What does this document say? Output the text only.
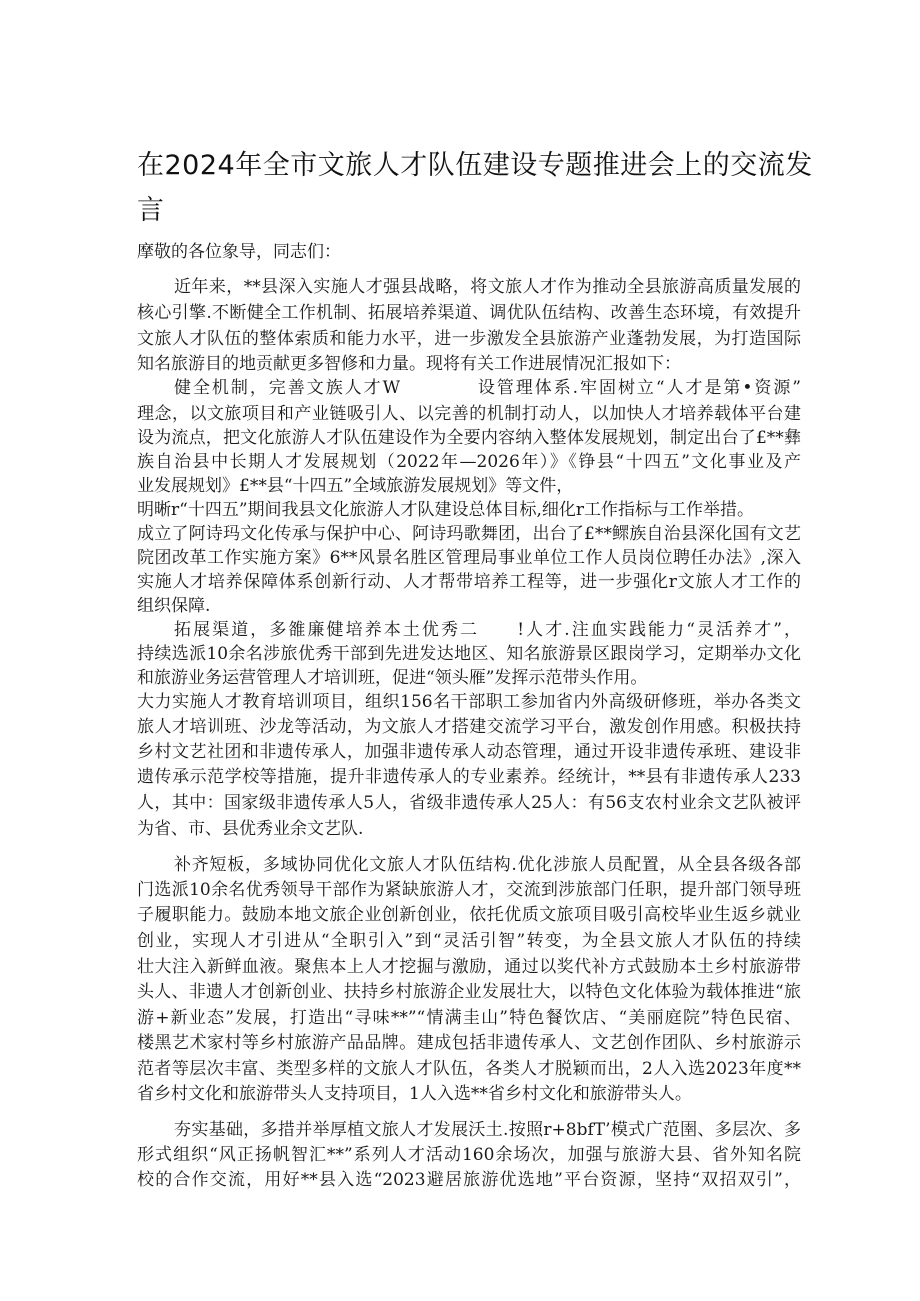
在2024年全市文旅人才队伍建设专题推进会上的交流发
言
摩敬的各位象导，同志们：
近年来，**县深入实施人才强县战略，将文旅人才作为推动全县旅游高质量发展的
核心引擎.不断健全工作机制、拓展培养渠道、调优队伍结构、改善生态环境，有效提升
文旅人才队伍的整体索质和能力水平，进一步激发全县旅游产业蓬勃发展，为打造国际
知名旅游目的地贡献更多智修和力量。现将有关工作进展情况汇报如下：
健全机制，完善文族人才W　　　　设管理体系.牢固树立“人才是第•资源”
理念，以文旅项目和产业链吸引人、以完善的机制打动人，以加快人才培养载体平台建
设为流点，把文化旅游人才队伍建设作为全要内容纳入整体发展规划，制定出台了£**彝
族自治县中长期人才发展规划（2022年—2026年）》《铮县“十四五”文化事业及产
业发展规划》£**县“十四五”全域旅游发展规划》等文件，
明晰r“十四五”期间我县文化旅游人才队建设总体目标,细化r工作指标与工作举措。
成立了阿诗玛文化传承与保护中心、阿诗玛歌舞团，出台了£**鳏族自治县深化国有文艺
院团改革工作实施方案》6**风景名胜区管理局事业单位工作人员岗位聘任办法》,深入
实施人才培养保障体系创新行动、人才帮带培养工程等，进一步强化r文旅人才工作的
组织保障.
拓展渠道，多雒廉健培养本土优秀二　　!人才.注血实践能力“灵活养才”，
持续选派10余名涉旅优秀干部到先进发达地区、知名旅游景区跟岗学习，定期举办文化
和旅游业务运营管理人才培训班，促进“领头雁”发挥示范带头作用。
大力实施人才教育培训项目，组织156名干部职工参加省内外高级研修班，举办各类文
旅人才培训班、沙龙等活动，为文旅人才搭建交流学习平台，激发创作用感。积极扶持
乡村文艺社团和非遗传承人，加强非遗传承人动态管理，通过开设非遗传承班、建设非
遗传承示范学校等措施，提升非遗传承人的专业素养。经统计，**县有非遗传承人233
人，其中：国家级非遗传承人5人，省级非遗传承人25人：有56支农村业余文艺队被评
为省、市、县优秀业余文艺队.
补齐短板，多域协同优化文旅人才队伍结构.优化涉旅人员配置，从全县各级各部
门选派10余名优秀领导干部作为紧缺旅游人才，交流到涉旅部门任职，提升部门领导班
子履职能力。鼓励本地文旅企业创新创业，依托优质文旅项目吸引高校毕业生返乡就业
创业，实现人才引进从“全职引入”到“灵活引智”转变，为全县文旅人才队伍的持续
壮大注入新鲜血液。聚焦本上人才挖掘与激励，通过以奖代补方式鼓励本土乡村旅游带
头人、非遗人才创新创业、扶持乡村旅游企业发展壮大，以特色文化体验为载体推进“旅
游+新业态”发展，打造出“寻味**”“情满圭山”特色餐饮店、“美丽庭院”特色民宿、
楼黑艺术家村等乡村旅游产品品牌。建成包括非遗传承人、文艺创作团队、乡村旅游示
范者等层次丰富、类型多样的文旅人才队伍，各类人才脱颖而出，2人入选2023年度**
省乡村文化和旅游带头人支持项目，1人入选**省乡村文化和旅游带头人。
夯实基础，多措并举厚植文旅人才发展沃土.按照r+8bfT’模式广范圉、多层次、多
形式组织“风正扬帆智汇**”系列人才活动160余场次，加强与旅游大县、省外知名院
校的合作交流，用好**县入选“2023避居旅游优选地”平台资源，坚持“双招双引”，
